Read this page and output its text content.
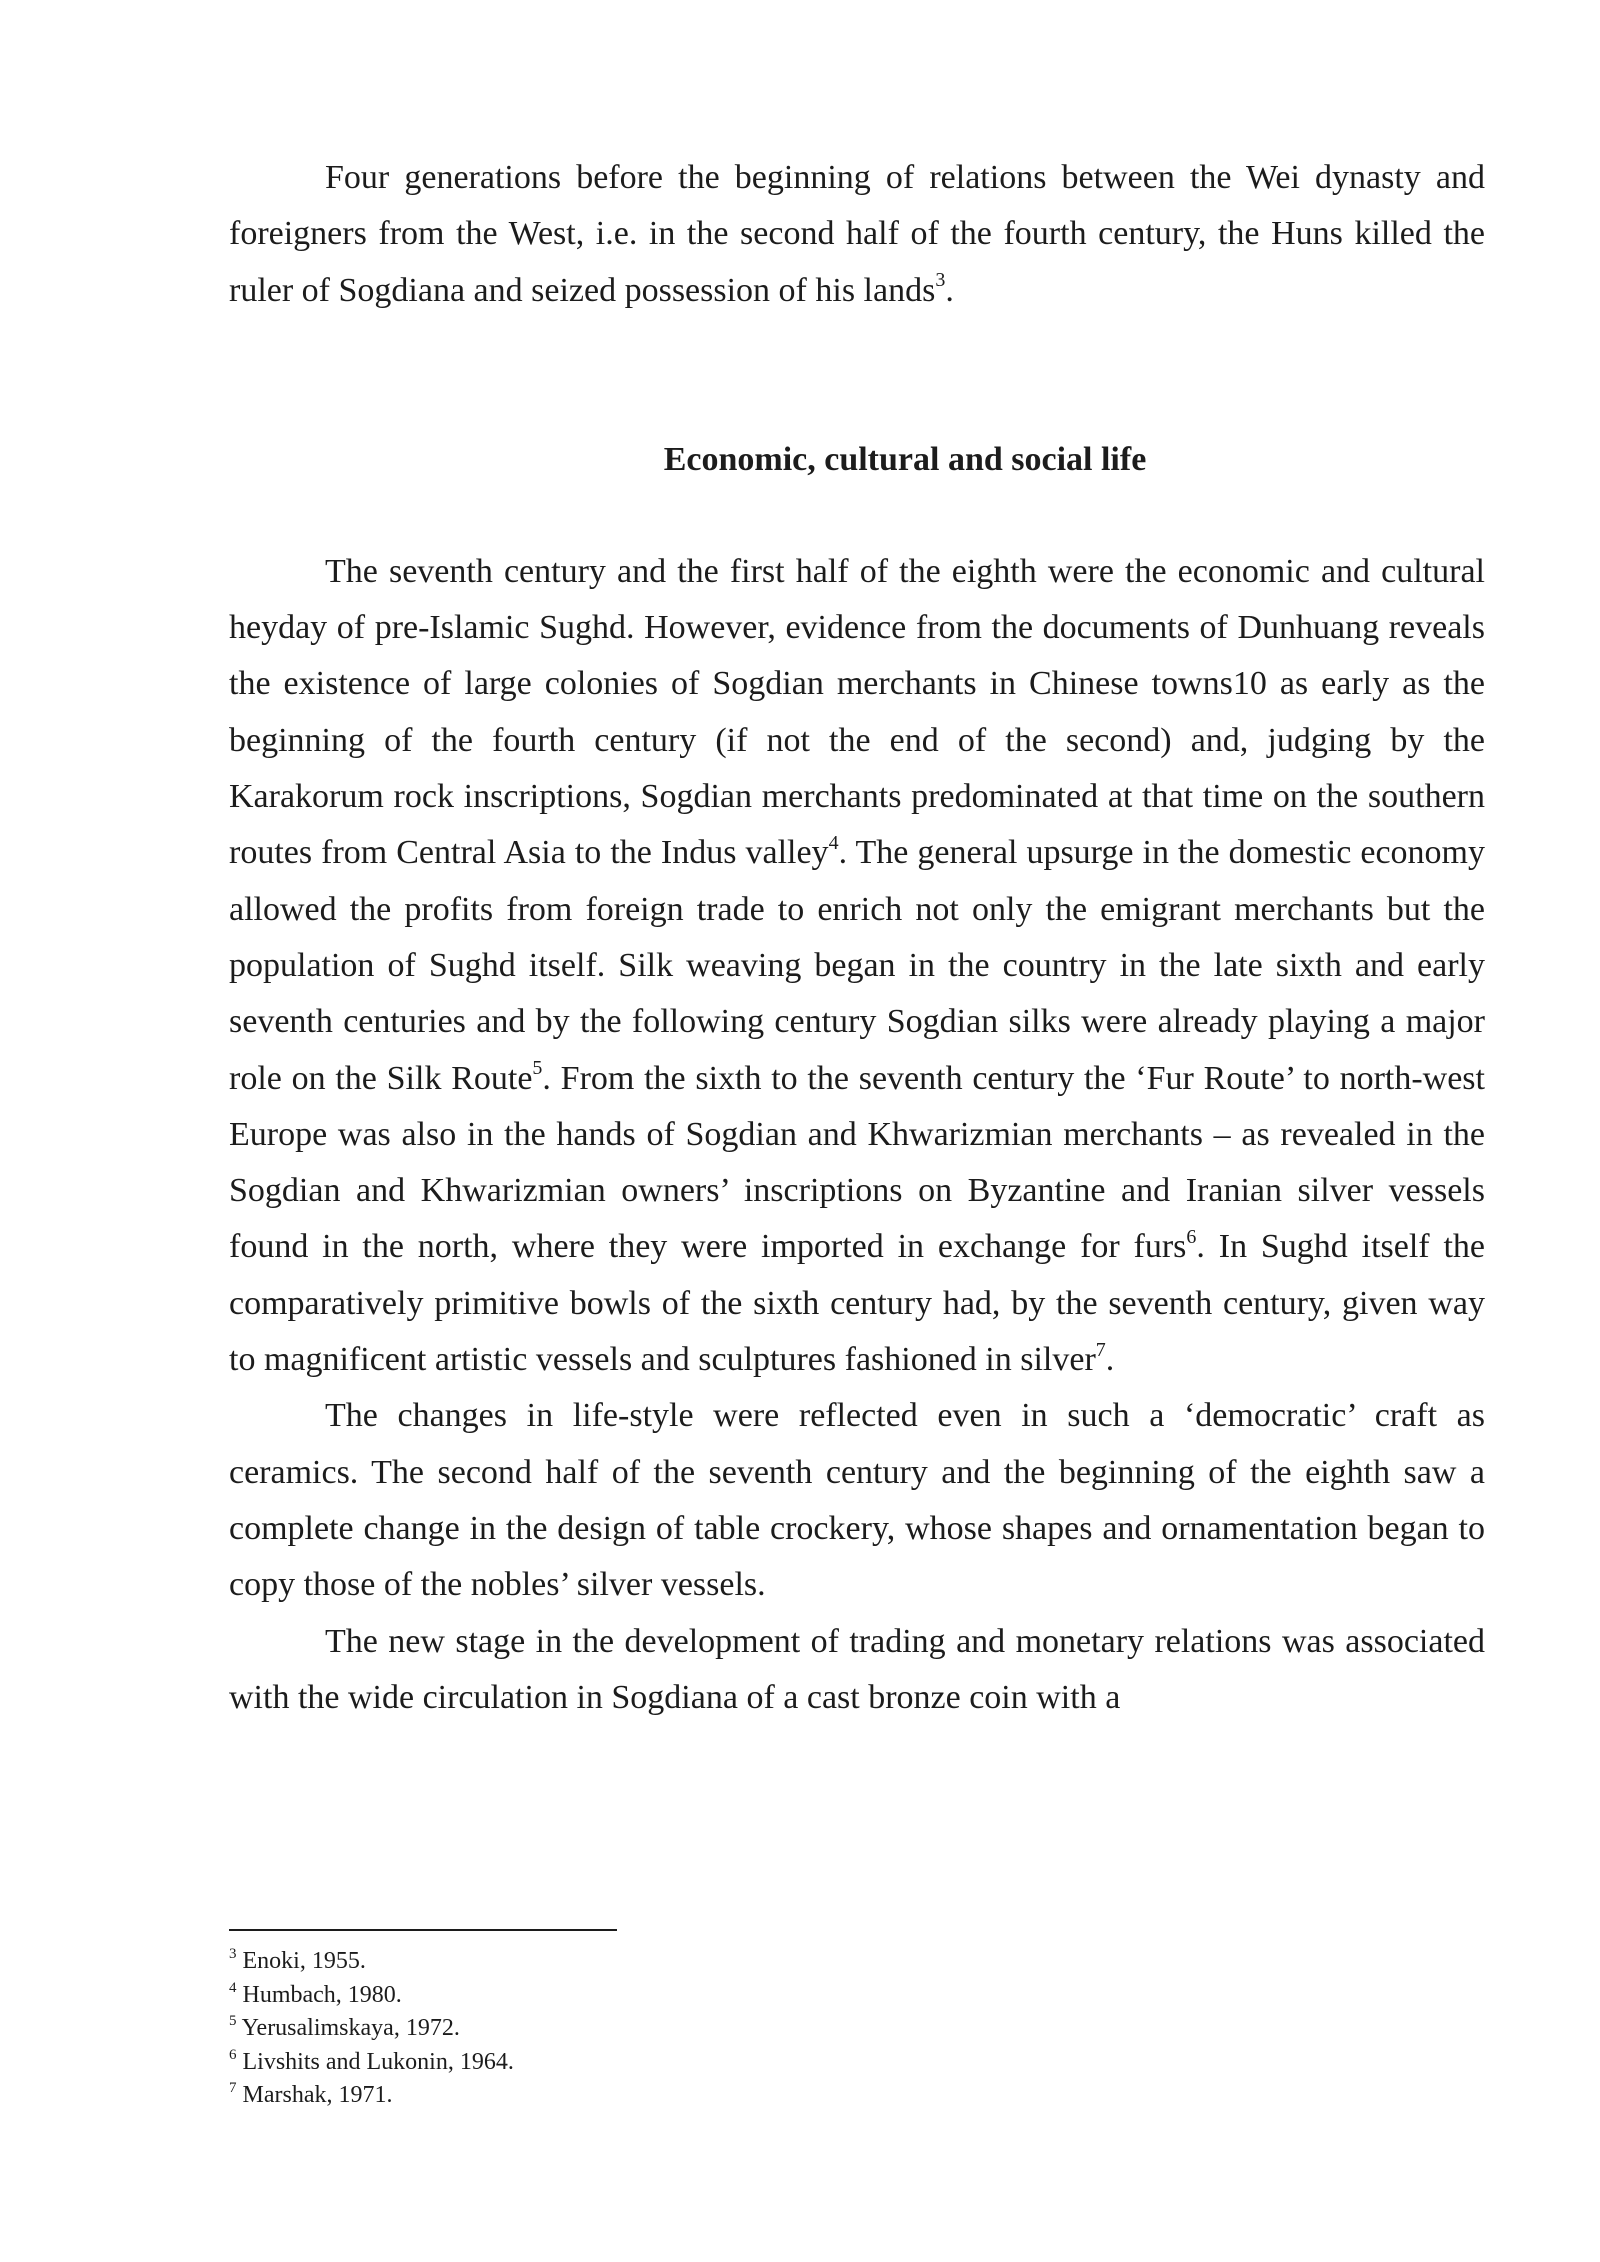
Four generations before the beginning of relations between the Wei dynasty and foreigners from the West, i.e. in the second half of the fourth century, the Huns killed the ruler of Sogdiana and seized possession of his lands$^3$.

Economic, cultural and social life

The seventh century and the first half of the eighth were the economic and cultural heyday of pre-Islamic Sughd. However, evidence from the documents of Dunhuang reveals the existence of large colonies of Sogdian merchants in Chinese towns10 as early as the beginning of the fourth century (if not the end of the second) and, judging by the Karakorum rock inscriptions, Sogdian merchants predominated at that time on the southern routes from Central Asia to the Indus valley$^4$. The general upsurge in the domestic economy allowed the profits from foreign trade to enrich not only the emigrant merchants but the population of Sughd itself. Silk weaving began in the country in the late sixth and early seventh centuries and by the following century Sogdian silks were already playing a major role on the Silk Route$^5$. From the sixth to the seventh century the ‘Fur Route’ to north-west Europe was also in the hands of Sogdian and Khwarizmian merchants – as revealed in the Sogdian and Khwarizmian owners’ inscriptions on Byzantine and Iranian silver vessels found in the north, where they were imported in exchange for furs$^6$. In Sughd itself the comparatively primitive bowls of the sixth century had, by the seventh century, given way to magnificent artistic vessels and sculptures fashioned in silver$^7$.

The changes in life-style were reflected even in such a ‘democratic’ craft as ceramics. The second half of the seventh century and the beginning of the eighth saw a complete change in the design of table crockery, whose shapes and ornamentation began to copy those of the nobles’ silver vessels.

The new stage in the development of trading and monetary relations was associated with the wide circulation in Sogdiana of a cast bronze coin with a

$^3$ Enoki, 1955.

$^4$ Humbach, 1980.

$^5$ Yerusalimskaya, 1972.

$^6$ Livshits and Lukonin, 1964.

$^7$ Marshak, 1971.
